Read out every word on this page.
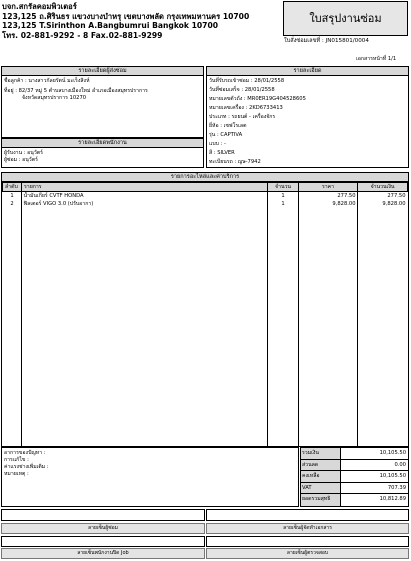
บจก.สกรัลคอมพิวเตอร์
123,125 ถ.ศิรินธร แขวงบางบำหรุ เขตบางพลัด กรุงเทพมหานคร 10700
123,125 T.Sirinthon A.Bangbumrui Bangkok 10700
โทร. 02-881-9292 - 8 Fax.02-881-9299
ใบสรุปงานซ่อม
ใบสั่งซ่อมเลขที่ : JN015801/0004
เอกสารหน้าที่ 1/1
รายละเอียดผู้ส่งซ่อม
ชื่อลูกค้า : นางสาวกัลยรัตน์ มะเร็งสิงห์
ที่อยู่ : 82/37 หมู่ 5 ตำบลบางเมืองใหม่ อำเภอเมืองสมุทรปราการ
จังหวัดสมุทรปราการ 10270
รายละเอียดพนักงาน
ผู้รับงาน : อนุวัตร์
ผู้ซ่อม : อนุวัตร์
รายละเอียด
วันที่รับรถเข้าซ่อม : 28/01/2558
วันที่ซ่อมเสร็จ : 28/01/2558
หมายเลขตัวถัง : MR0ER19G404528605
หมายเลขเครื่อง : 2KD6733413
ประเภท : รถยนต์ - เครื่องจักร
ยี่ห้อ : เชฟโรเลต
รุ่น : CAPTIVA
แบบ : -
สี : SILVER
ทะเบียนรถ : ญษ-7942
รายการอะไหล่และค่าบริการ
ลำดับ	รายการ	จำนวน	ราคา	จำนวนเงิน
1	น้ำมันเกียร์ CVTF HONDA	1	277.50	277.50
2	ฟิลเตอร์ VIGO 3.0 (ปรับอากา)	1	9,828.00	9,828.00
อาการของปัญหา :
การแก้ไข :
ค่าแรงช่างเพิ่มเติม :
หมายเหตุ :
รวมเงิน	10,105.50
ส่วนลด	0.00
คงเหลือ	10,105.50
VAT	707.39
ยอดรวมสุทธิ	10,812.89
ลายเซ็นผู้ซ่อม	ลายเซ็นผู้จัดทำเอกสาร
ลายเซ็นพนักงานปิด Job	ลายเซ็นผู้ตรวจสอบ
